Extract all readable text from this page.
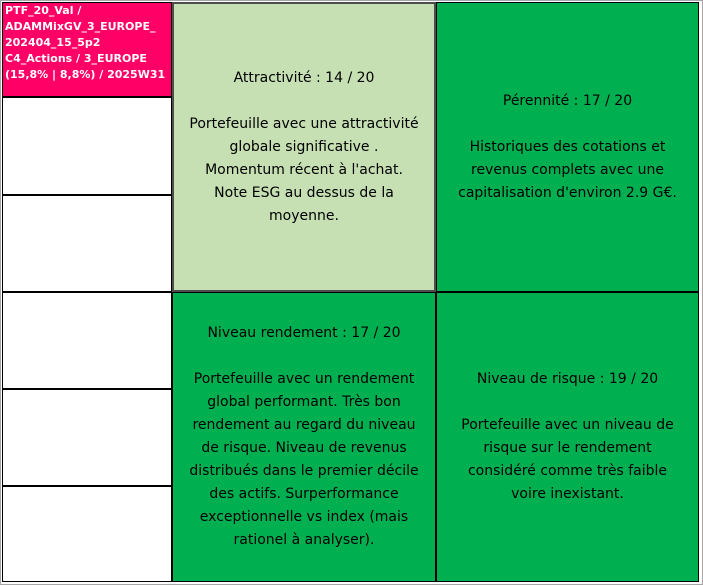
PTF_20_Val /
ADAMMixGV_3_EUROPE_
202404_15_5p2
C4_Actions / 3_EUROPE
(15,8% | 8,8%) / 2025W31	Attractivité : 14 / 20
Portefeuille avec une attractivité
globale significative .
Momentum récent à l'achat.
Note ESG au dessus de la
moyenne.
Pérennité : 17 / 20
Historiques des cotations et
revenus complets avec une
capitalisation d'environ 2.9 G€.
Niveau rendement : 17 / 20
Portefeuille avec un rendement
global performant. Très bon
rendement au regard du niveau
de risque. Niveau de revenus
distribués dans le premier décile
des actifs. Surperformance
exceptionnelle vs index (mais
rationel à analyser).
Niveau de risque : 19 / 20
Portefeuille avec un niveau de
risque sur le rendement
considéré comme très faible
voire inexistant.
